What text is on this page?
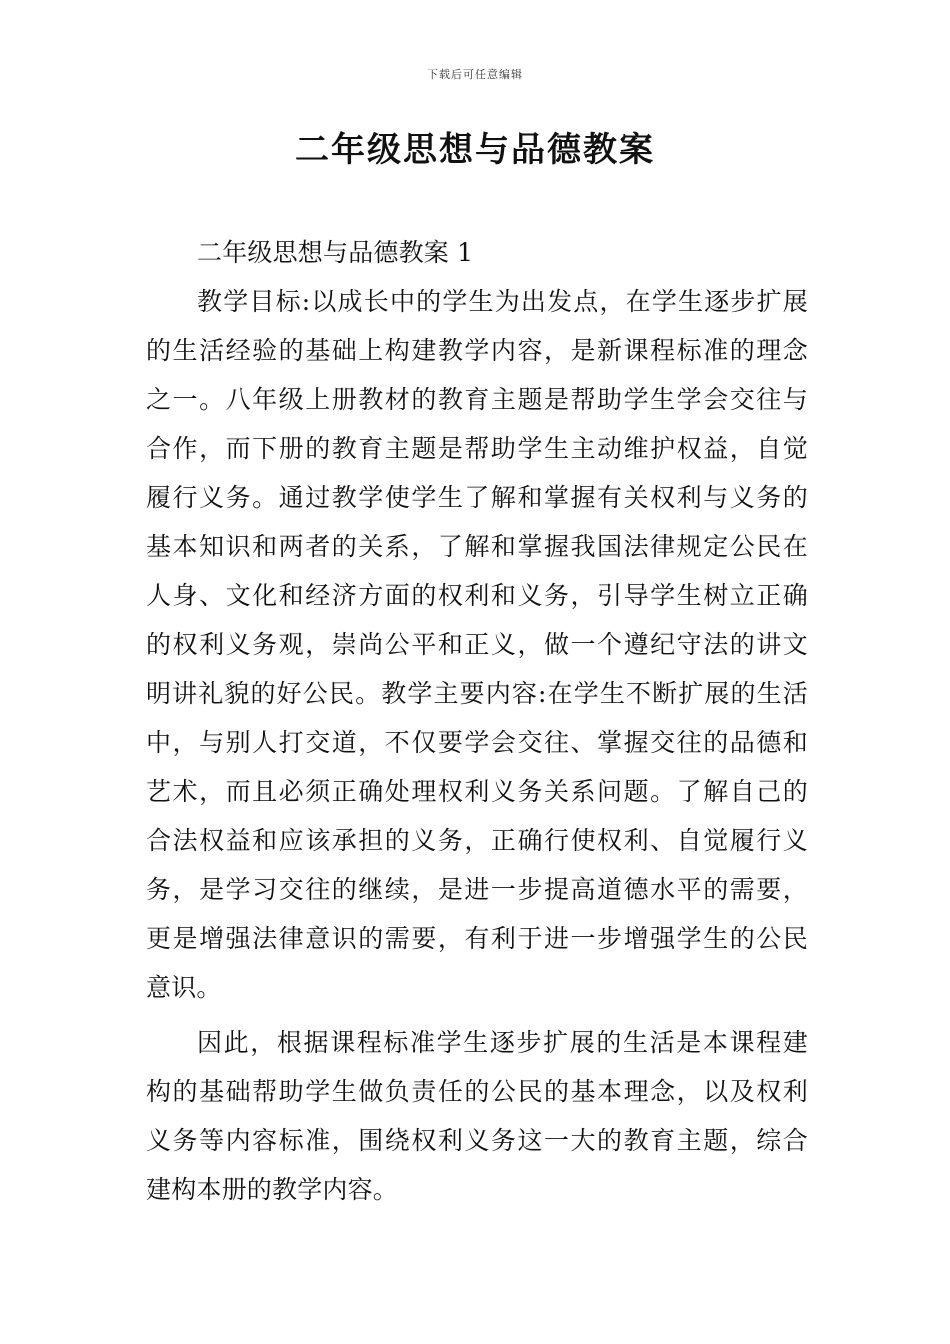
下载后可任意编辑
二年级思想与品德教案
二年级思想与品德教案 1
教学目标:以成长中的学生为出发点，在学生逐步扩展
的生活经验的基础上构建教学内容，是新课程标准的理念
之一。八年级上册教材的教育主题是帮助学生学会交往与
合作，而下册的教育主题是帮助学生主动维护权益，自觉
履行义务。通过教学使学生了解和掌握有关权利与义务的
基本知识和两者的关系，了解和掌握我国法律规定公民在
人身、文化和经济方面的权利和义务，引导学生树立正确
的权利义务观，崇尚公平和正义，做一个遵纪守法的讲文
明讲礼貌的好公民。教学主要内容:在学生不断扩展的生活
中，与别人打交道，不仅要学会交往、掌握交往的品德和
艺术，而且必须正确处理权利义务关系问题。了解自己的
合法权益和应该承担的义务，正确行使权利、自觉履行义
务，是学习交往的继续，是进一步提高道德水平的需要，
更是增强法律意识的需要，有利于进一步增强学生的公民
意识。
因此，根据课程标准学生逐步扩展的生活是本课程建
构的基础帮助学生做负责任的公民的基本理念，以及权利
义务等内容标准，围绕权利义务这一大的教育主题，综合
建构本册的教学内容。
